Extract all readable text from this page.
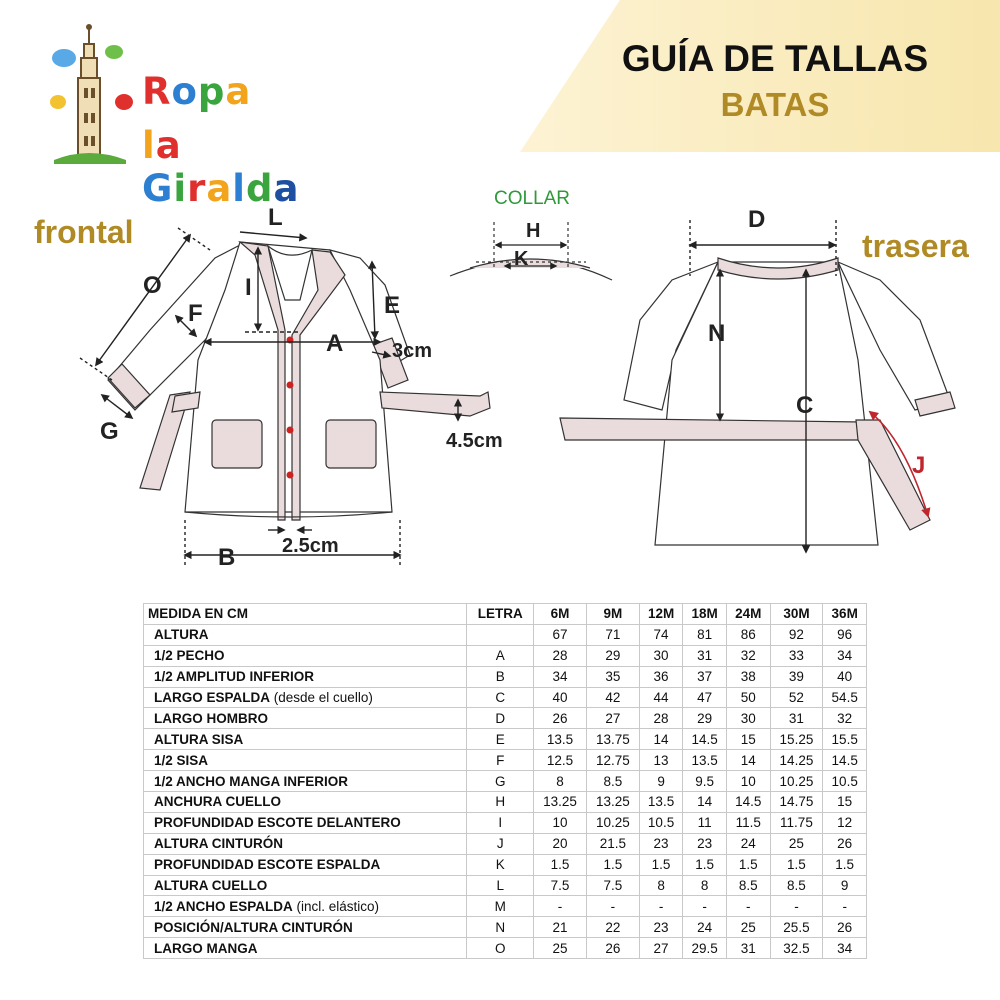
GUÍA DE TALLAS
BATAS
Ropa
la Giralda
frontal	trasera
COLLAR
L
I
O
F	E
A 3cm
G	4.5cm
B 2.5cm
H
K
D
N
C
J
MEDIDA EN CM	LETRA	6M	9M	12M	18M	24M	30M	36M
ALTURA		67	71	74	81	86	92	96
1/2 PECHO	A	28	29	30	31	32	33	34
1/2 AMPLITUD INFERIOR	B	34	35	36	37	38	39	40
LARGO ESPALDA (desde el cuello)	C	40	42	44	47	50	52	54.5
LARGO HOMBRO	D	26	27	28	29	30	31	32
ALTURA SISA	E	13.5	13.75	14	14.5	15	15.25	15.5
1/2 SISA	F	12.5	12.75	13	13.5	14	14.25	14.5
1/2 ANCHO MANGA INFERIOR	G	8	8.5	9	9.5	10	10.25	10.5
ANCHURA CUELLO	H	13.25	13.25	13.5	14	14.5	14.75	15
PROFUNDIDAD ESCOTE DELANTERO	I	10	10.25	10.5	11	11.5	11.75	12
ALTURA CINTURÓN	J	20	21.5	23	23	24	25	26
PROFUNDIDAD ESCOTE ESPALDA	K	1.5	1.5	1.5	1.5	1.5	1.5	1.5
ALTURA CUELLO	L	7.5	7.5	8	8	8.5	8.5	9
1/2 ANCHO ESPALDA (incl. elástico)	M	-	-	-	-	-	-	-
POSICIÓN/ALTURA CINTURÓN	N	21	22	23	24	25	25.5	26
LARGO MANGA	O	25	26	27	29.5	31	32.5	34
